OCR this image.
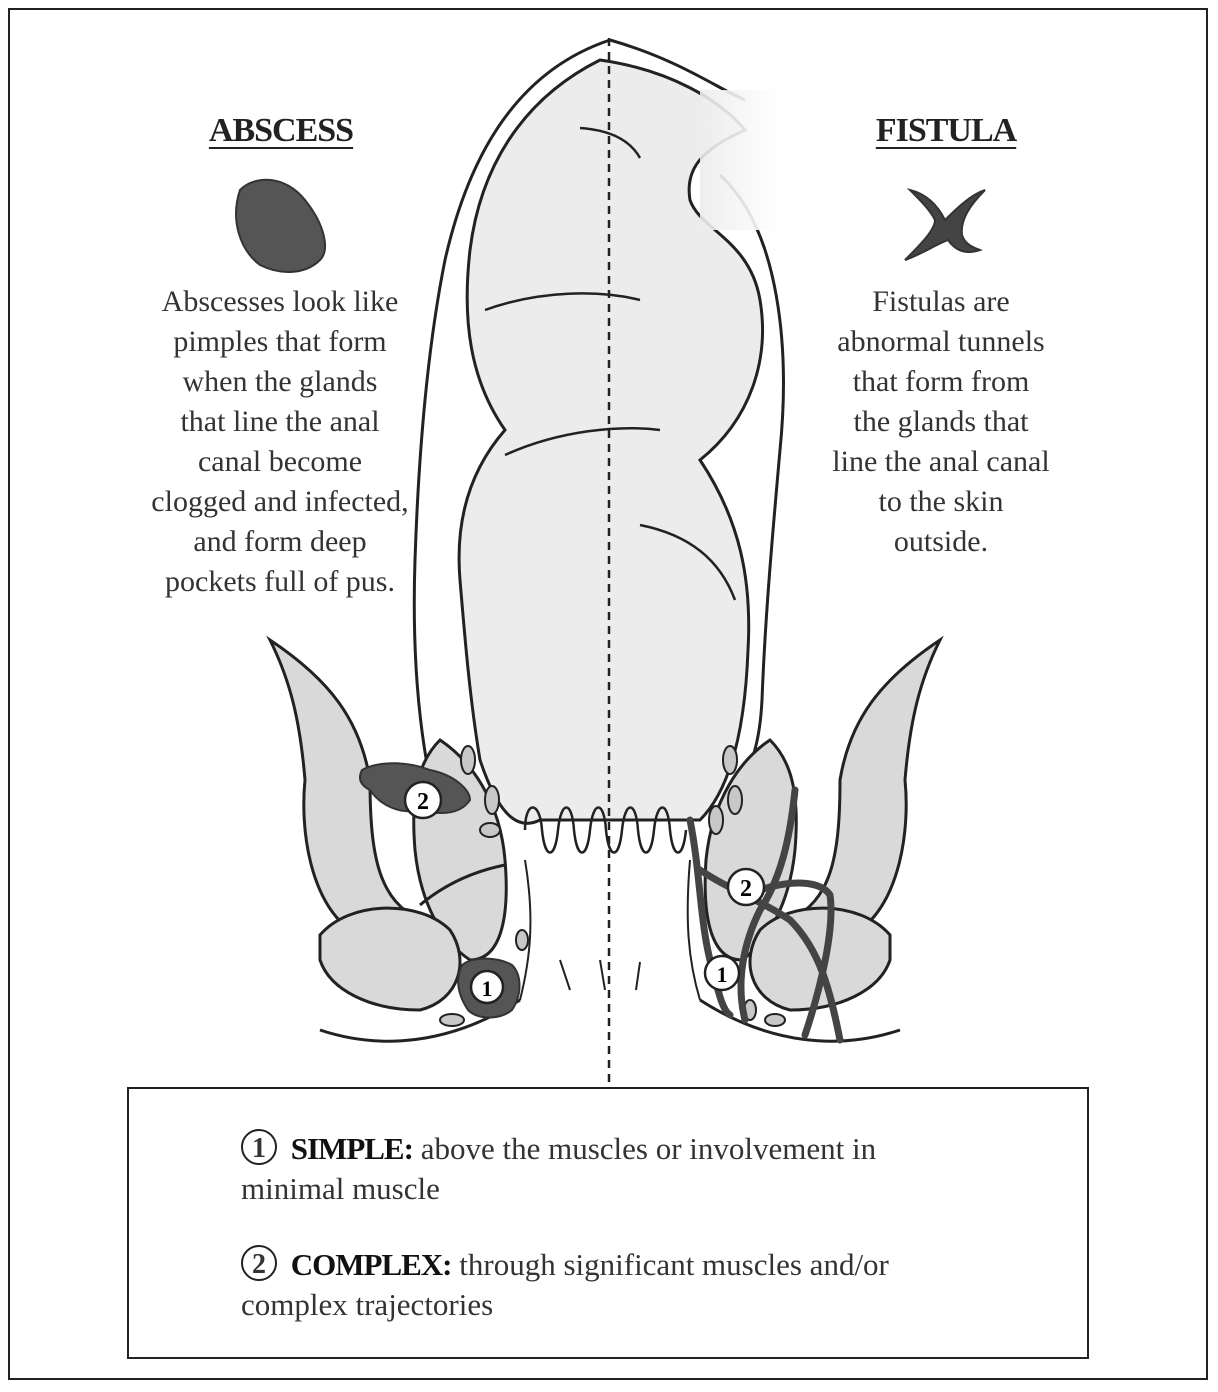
2
1
2
1
ABSCESS	FISTULA
Abscesses look like
pimples that form
when the glands
that line the anal
canal become
clogged and infected,
and form deep
pockets full of pus.
Fistulas are
abnormal tunnels
that form from
the glands that
line the anal canal
to the skin
outside.
1 SIMPLE: above the muscles or involvement in
minimal muscle
2 COMPLEX: through significant muscles and/or
complex trajectories
